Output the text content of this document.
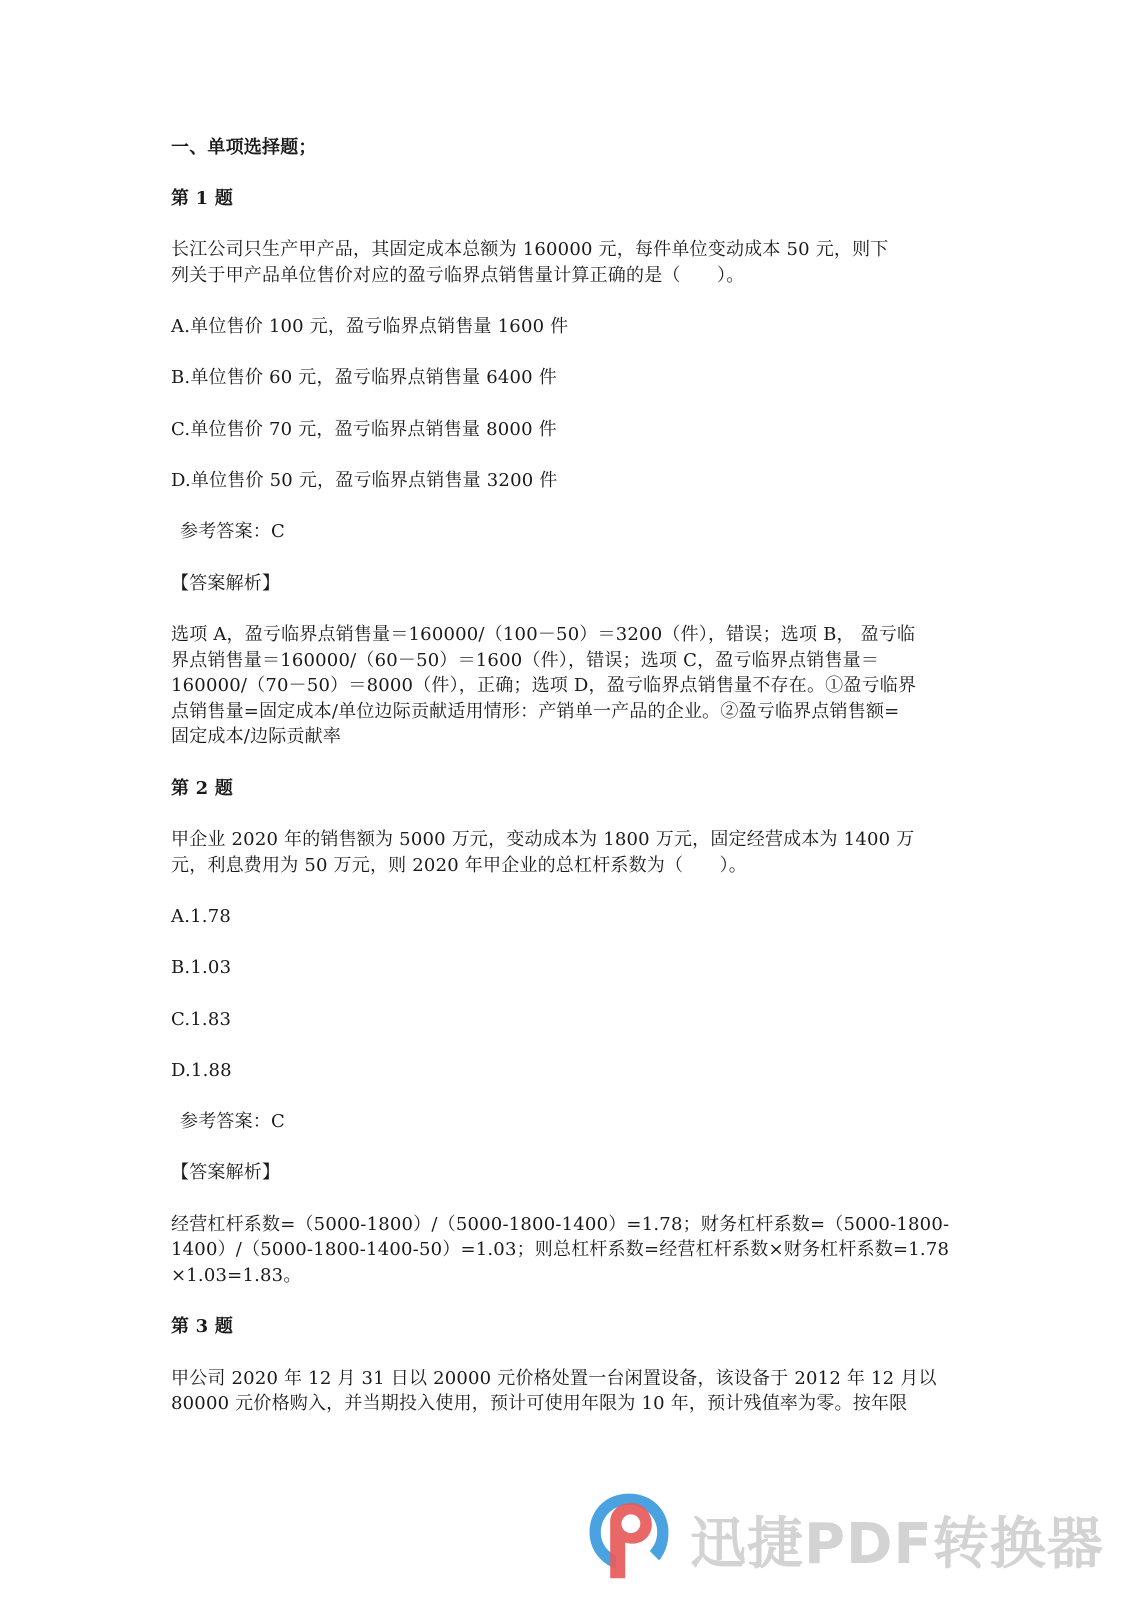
一、单项选择题；
第 1 题
长江公司只生产甲产品，其固定成本总额为 160000 元，每件单位变动成本 50 元，则下
列关于甲产品单位售价对应的盈亏临界点销售量计算正确的是（　　）。
A.单位售价 100 元，盈亏临界点销售量 1600 件
B.单位售价 60 元，盈亏临界点销售量 6400 件
C.单位售价 70 元，盈亏临界点销售量 8000 件
D.单位售价 50 元，盈亏临界点销售量 3200 件
参考答案：C
【答案解析】
选项 A，盈亏临界点销售量＝160000/（100－50）＝3200（件），错误；选项 B， 盈亏临
界点销售量＝160000/（60－50）＝1600（件），错误；选项 C，盈亏临界点销售量＝
160000/（70－50）＝8000（件），正确；选项 D，盈亏临界点销售量不存在。①盈亏临界
点销售量=固定成本/单位边际贡献适用情形：产销单一产品的企业。②盈亏临界点销售额=
固定成本/边际贡献率
第 2 题
甲企业 2020 年的销售额为 5000 万元，变动成本为 1800 万元，固定经营成本为 1400 万
元，利息费用为 50 万元，则 2020 年甲企业的总杠杆系数为（　　）。
A.1.78
B.1.03
C.1.83
D.1.88
参考答案：C
【答案解析】
经营杠杆系数=（5000-1800）/（5000-1800-1400）=1.78；财务杠杆系数=（5000-1800-
1400）/（5000-1800-1400-50）=1.03；则总杠杆系数=经营杠杆系数×财务杠杆系数=1.78
×1.03=1.83。
第 3 题
甲公司 2020 年 12 月 31 日以 20000 元价格处置一台闲置设备，该设备于 2012 年 12 月以
80000 元价格购入，并当期投入使用，预计可使用年限为 10 年，预计残值率为零。按年限
迅捷PDF转换器
